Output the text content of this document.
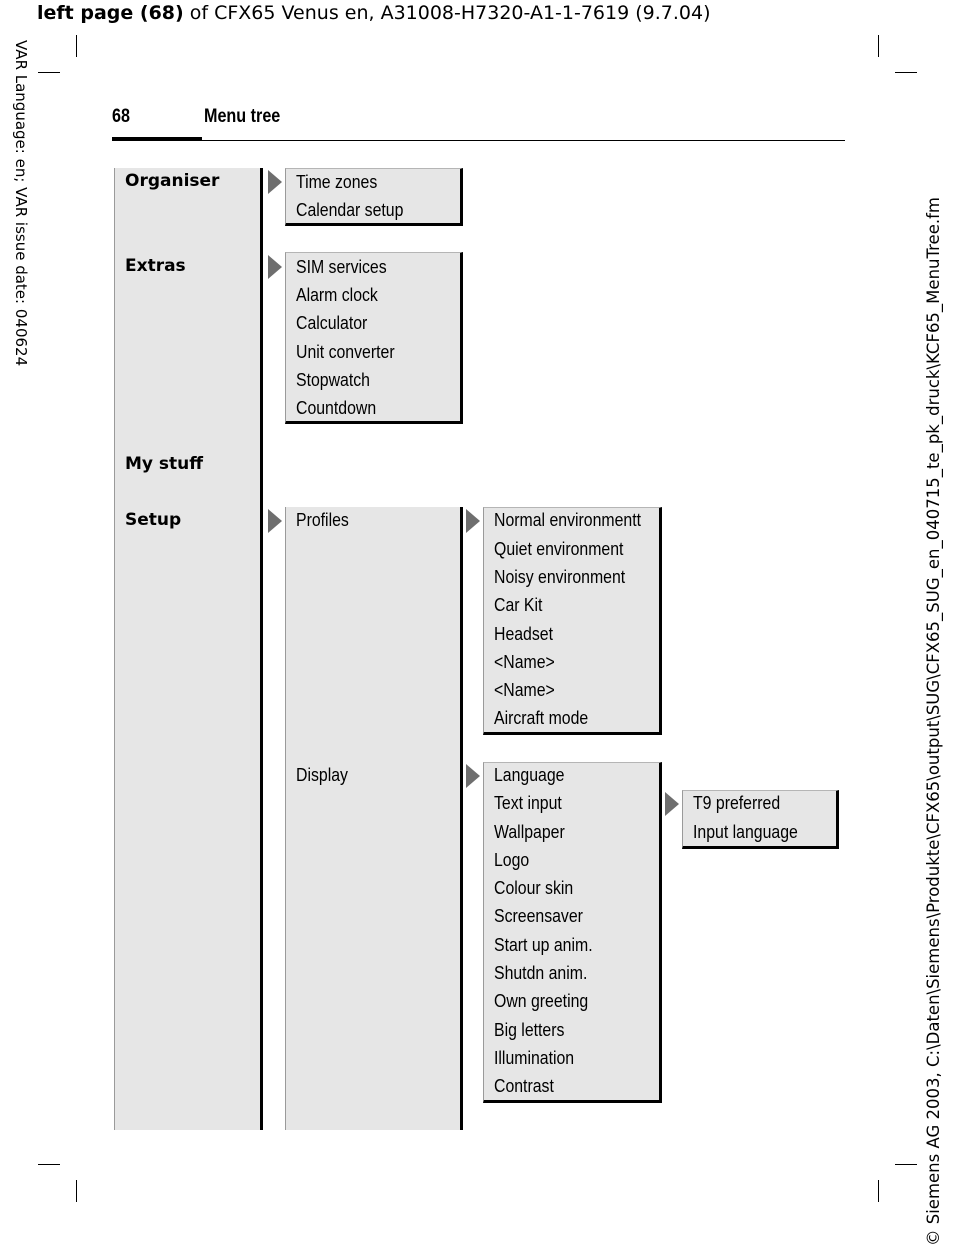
left page (68) of CFX65 Venus en, A31008-H7320-A1-1-7619 (9.7.04)
VAR Language: en; VAR issue date: 040624	© Siemens AG 2003, C:\Daten\Siemens\Produkte\CFX65\output\SUG\CFX65_SUG_en_040715_te_pk_druck\KCF65_MenuTree.fm
68	Menu tree
Organiser
Extras
My stuff
Setup
Time zones
Calendar setup
SIM services
Alarm clock
Calculator
Unit converter
Stopwatch
Countdown
Profiles
Display
Normal environmentt
Quiet environment
Noisy environment
Car Kit
Headset
<Name>
<Name>
Aircraft mode
Language
Text input
Wallpaper
Logo
Colour skin
Screensaver
Start up anim.
Shutdn anim.
Own greeting
Big letters
Illumination
Contrast
T9 preferred
Input language
